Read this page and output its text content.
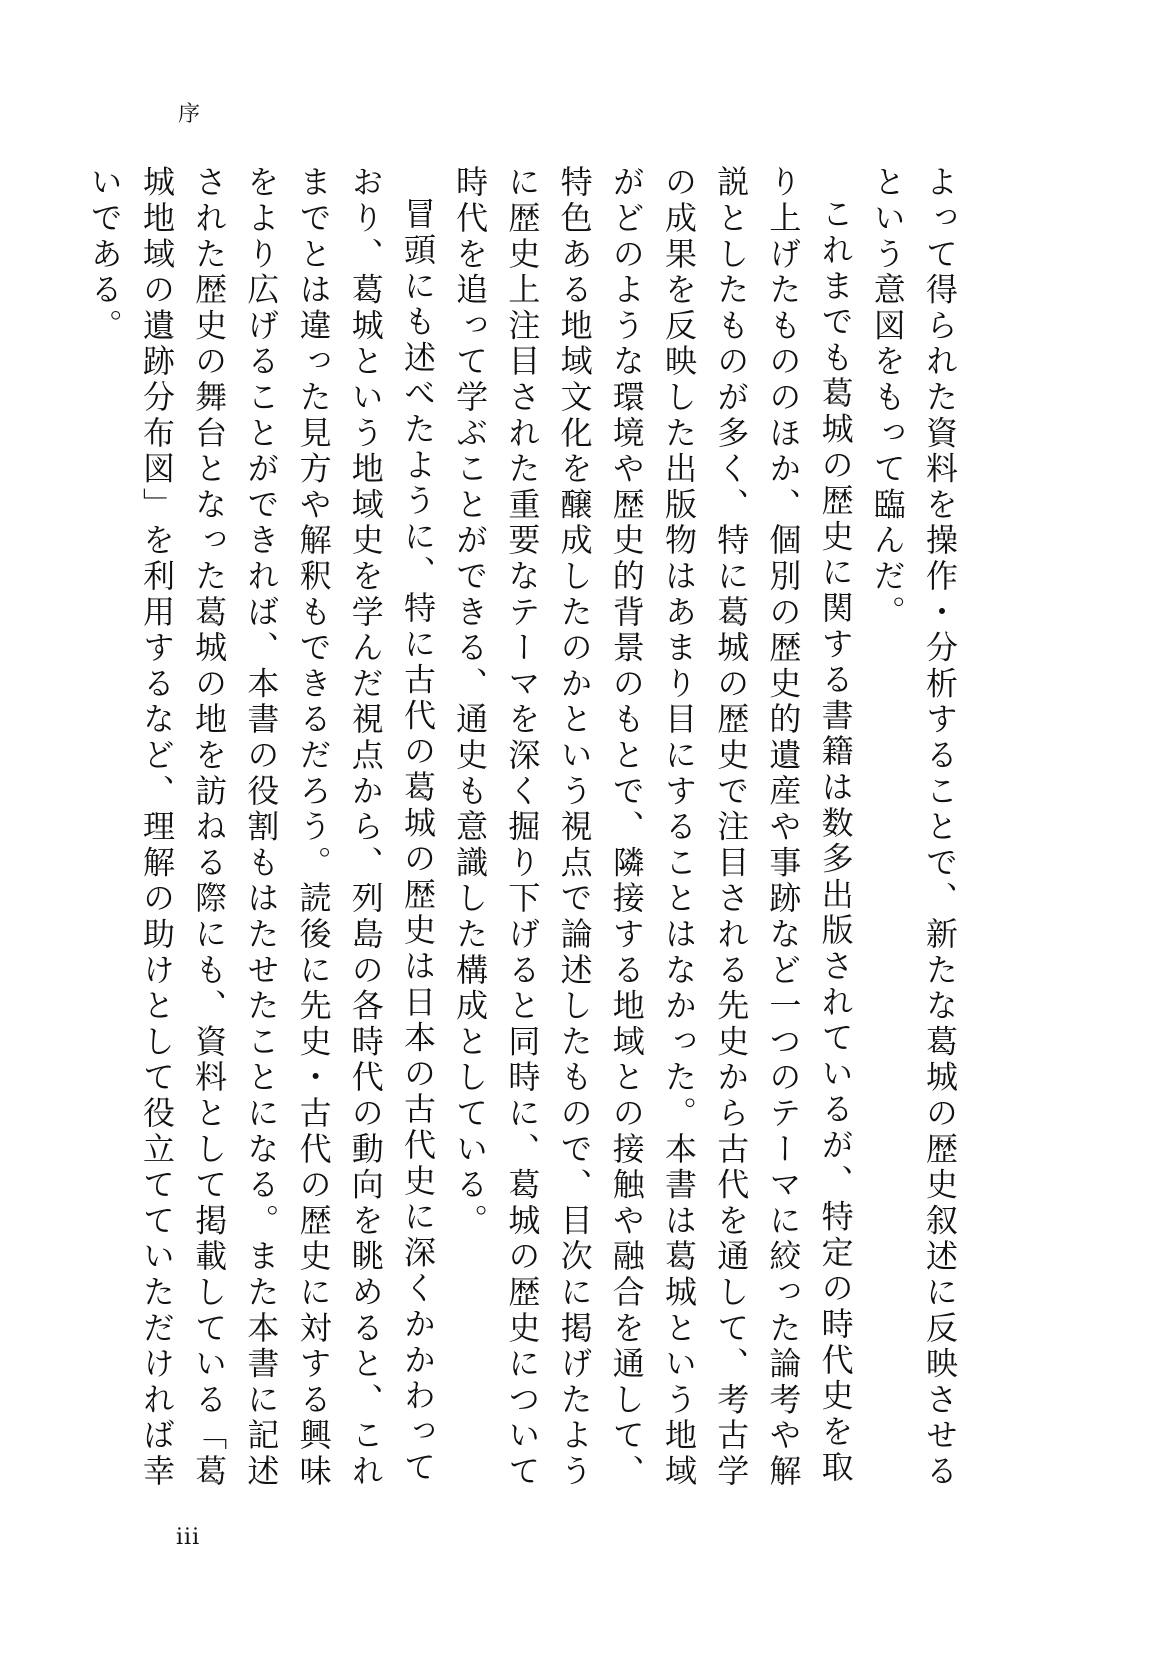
序

よって得られた資料を操作・分析することで、新たな葛城の歴史叙述に反映させるという意図をもって臨んだ。

これまでも葛城の歴史に関する書籍は数多出版されているが、特定の時代史を取り上げたもののほか、個別の歴史的遺産や事跡など一つのテーマに絞った論考や解説としたものが多く、特に葛城の歴史で注目される先史から古代を通して、考古学の成果を反映した出版物はあまり目にすることはなかった。本書は葛城という地域がどのような環境や歴史的背景のもとで、隣接する地域との接触や融合を通して、特色ある地域文化を醸成したのかという視点で論述したもので、目次に掲げたように歴史上注目された重要なテーマを深く掘り下げると同時に、葛城の歴史について時代を追って学ぶことができる、通史も意識した構成としている。

冒頭にも述べたように、特に古代の葛城の歴史は日本の古代史に深くかかわっており、葛城という地域史を学んだ視点から、列島の各時代の動向を眺めると、これまでとは違った見方や解釈もできるだろう。読後に先史・古代の歴史に対する興味をより広げることができれば、本書の役割もはたせたことになる。また本書に記述された歴史の舞台となった葛城の地を訪ねる際にも、資料として掲載している「葛城地域の遺跡分布図」を利用するなど、理解の助けとして役立てていただければ幸いである。

iii
